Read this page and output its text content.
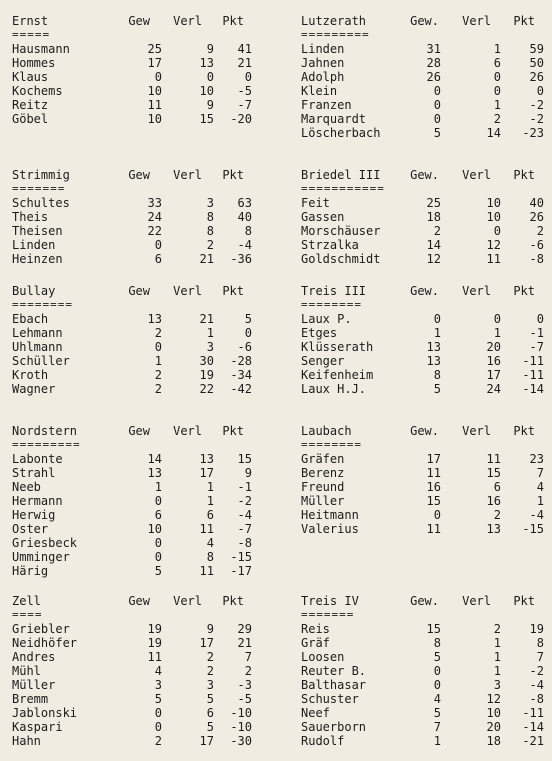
Ernst	Gew	Verl	Pkt
=====
Hausmann	25	9	41
Hommes	17	13	21
Klaus	0	0	0
Kochems	10	10	-5
Reitz	11	9	-7
Göbel	10	15	-20
Strimmig	Gew	Verl	Pkt
=======
Schultes	33	3	63
Theis	24	8	40
Theisen	22	8	8
Linden	0	2	-4
Heinzen	6	21	-36
Bullay	Gew	Verl	Pkt
========
Ebach	13	21	5
Lehmann	2	1	0
Uhlmann	0	3	-6
Schüller	1	30	-28
Kroth	2	19	-34
Wagner	2	22	-42
Nordstern	Gew	Verl	Pkt
=========
Labonte	14	13	15
Strahl	13	17	9
Neeb	1	1	-1
Hermann	0	1	-2
Herwig	6	6	-4
Oster	10	11	-7
Griesbeck	0	4	-8
Umminger	0	8	-15
Härig	5	11	-17
Zell	Gew	Verl	Pkt
====
Griebler	19	9	29
Neidhöfer	19	17	21
Andres	11	2	7
Mühl	4	2	2
Müller	3	3	-3
Bremm	5	5	-5
Jablonski	0	6	-10
Kaspari	0	5	-10
Hahn	2	17	-30
Lutzerath	Gew.	Verl	Pkt
=========
Linden	31	1	59
Jahnen	28	6	50
Adolph	26	0	26
Klein	0	0	0
Franzen	0	1	-2
Marquardt	0	2	-2
Löscherbach	5	14	-23
Briedel III	Gew.	Verl	Pkt
===========
Feit	25	10	40
Gassen	18	10	26
Morschäuser	2	0	2
Strzalka	14	12	-6
Goldschmidt	12	11	-8
Treis III	Gew.	Verl	Pkt
========
Laux P.	0	0	0
Etges	1	1	-1
Klüsserath	13	20	-7
Senger	13	16	-11
Keifenheim	8	17	-11
Laux H.J.	5	24	-14
Laubach	Gew.	Verl	Pkt
========
Gräfen	17	11	23
Berenz	11	15	7
Freund	16	6	4
Müller	15	16	1
Heitmann	0	2	-4
Valerius	11	13	-15
Treis IV	Gew.	Verl	Pkt
=======
Reis	15	2	19
Gräf	8	1	8
Loosen	5	1	7
Reuter B.	0	1	-2
Balthasar	0	3	-4
Schuster	4	12	-8
Neef	5	10	-11
Sauerborn	7	20	-14
Rudolf	1	18	-21
